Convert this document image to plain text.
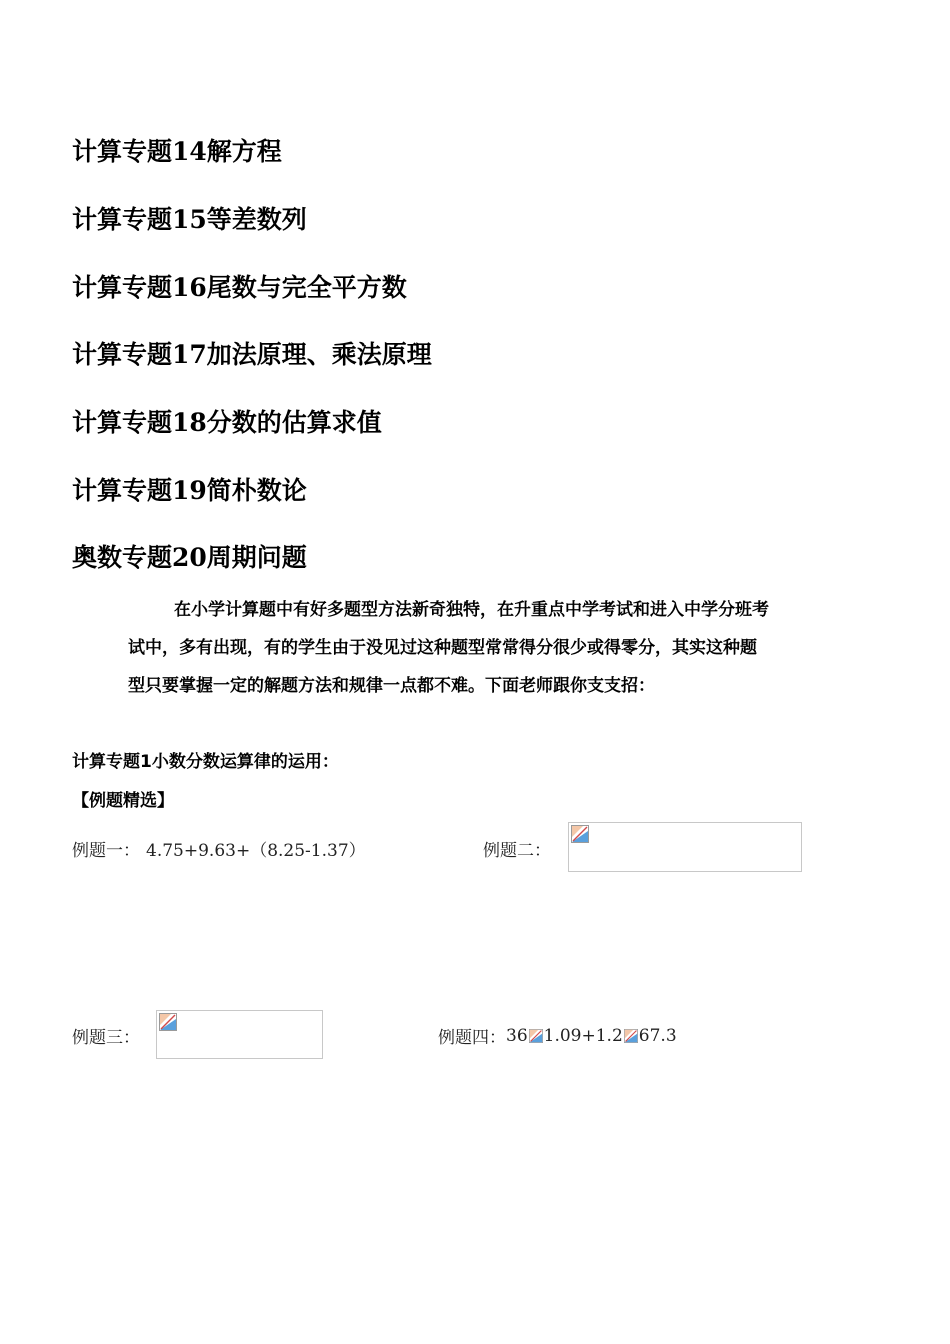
计算专题14解方程
计算专题15等差数列
计算专题16尾数与完全平方数
计算专题17加法原理、乘法原理
计算专题18分数的估算求值
计算专题19简朴数论
奥数专题20周期问题

在小学计算题中有好多题型方法新奇独特，在升重点中学考试和进入中学分班考

试中，多有出现，有的学生由于没见过这种题型常常得分很少或得零分，其实这种题

型只要掌握一定的解题方法和规律一点都不难。下面老师跟你支支招：

计算专题1小数分数运算律的运用：
【例题精选】
例题一： 4.75+9.63+（8.25-1.37）	例题二：
例题三：	例题四： 36 1.09+1.2 67.3
